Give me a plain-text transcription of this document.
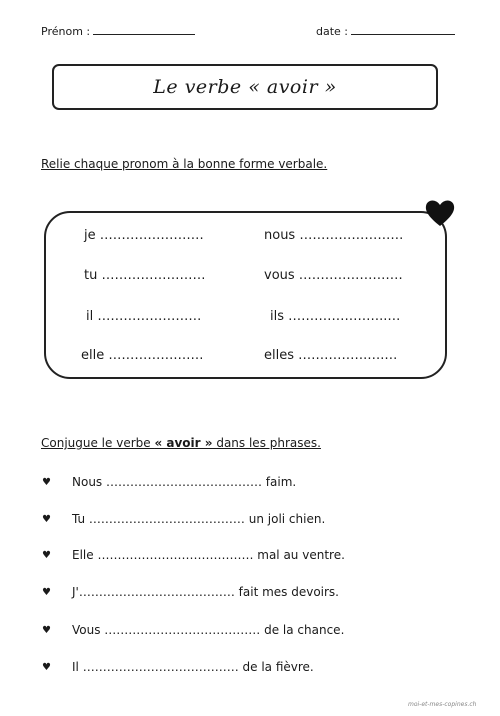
Prénom :	date :
Le verbe « avoir »
Relie chaque pronom à la bonne forme verbale.
je ……………………
tu ……………………
il ……………………
elle …………….……
nous ……………………
vous ……………………
ils …………………..…
elles …………….….…
Conjugue le verbe « avoir » dans les phrases.
♥ Nous ………………………………… faim.
♥ Tu ………………………………… un joli chien.
♥ Elle ………………………………… mal au ventre.
♥ J'………………………………… fait mes devoirs.
♥ Vous ………………………………… de la chance.
♥ Il ………………………………… de la fièvre.
moi-et-mes-copines.ch
